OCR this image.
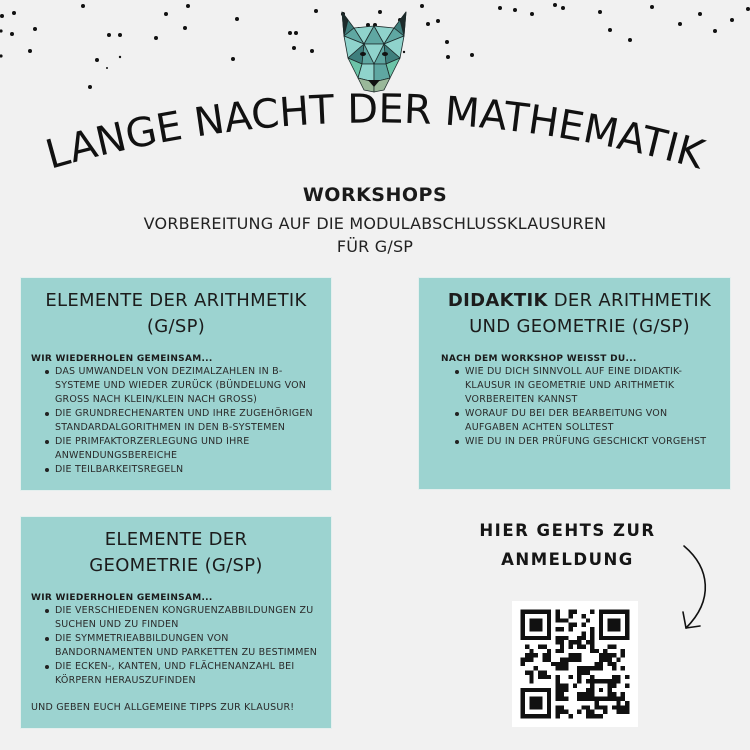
LANGE NACHT DER MATHEMATIK
WORKSHOPS
VORBEREITUNG AUF DIE MODULABSCHLUSSKLAUSUREN
FÜR G/SP
ELEMENTE DER ARITHMETIK
(G/SP)
WIR WIEDERHOLEN GEMEINSAM...
DAS UMWANDELN VON DEZIMALZAHLEN IN B-SYSTEME UND WIEDER ZURÜCK (BÜNDELUNG VON GROSS NACH KLEIN/KLEIN NACH GROSS)
DIE GRUNDRECHENARTEN UND IHRE ZUGEHÖRIGEN STANDARDALGORITHMEN IN DEN B-SYSTEMEN
DIE PRIMFAKTORZERLEGUNG UND IHRE ANWENDUNGSBEREICHE
DIE TEILBARKEITSREGELN
DIDAKTIK DER ARITHMETIK
UND GEOMETRIE (G/SP)
NACH DEM WORKSHOP WEISST DU...
WIE DU DICH SINNVOLL AUF EINE DIDAKTIK-KLAUSUR IN GEOMETRIE UND ARITHMETIK VORBEREITEN KANNST
WORAUF DU BEI DER BEARBEITUNG VON AUFGABEN ACHTEN SOLLTEST
WIE DU IN DER PRÜFUNG GESCHICKT VORGEHST
ELEMENTE DER
GEOMETRIE (G/SP)
WIR WIEDERHOLEN GEMEINSAM...
DIE VERSCHIEDENEN KONGRUENZABBILDUNGEN ZU SUCHEN UND ZU FINDEN
DIE SYMMETRIEABBILDUNGEN VON BANDORNAMENTEN UND PARKETTEN ZU BESTIMMEN
DIE ECKEN-, KANTEN, UND FLÄCHENANZAHL BEI KÖRPERN HERAUSZUFINDEN
UND GEBEN EUCH ALLGEMEINE TIPPS ZUR KLAUSUR!
HIER GEHTS ZUR
ANMELDUNG
